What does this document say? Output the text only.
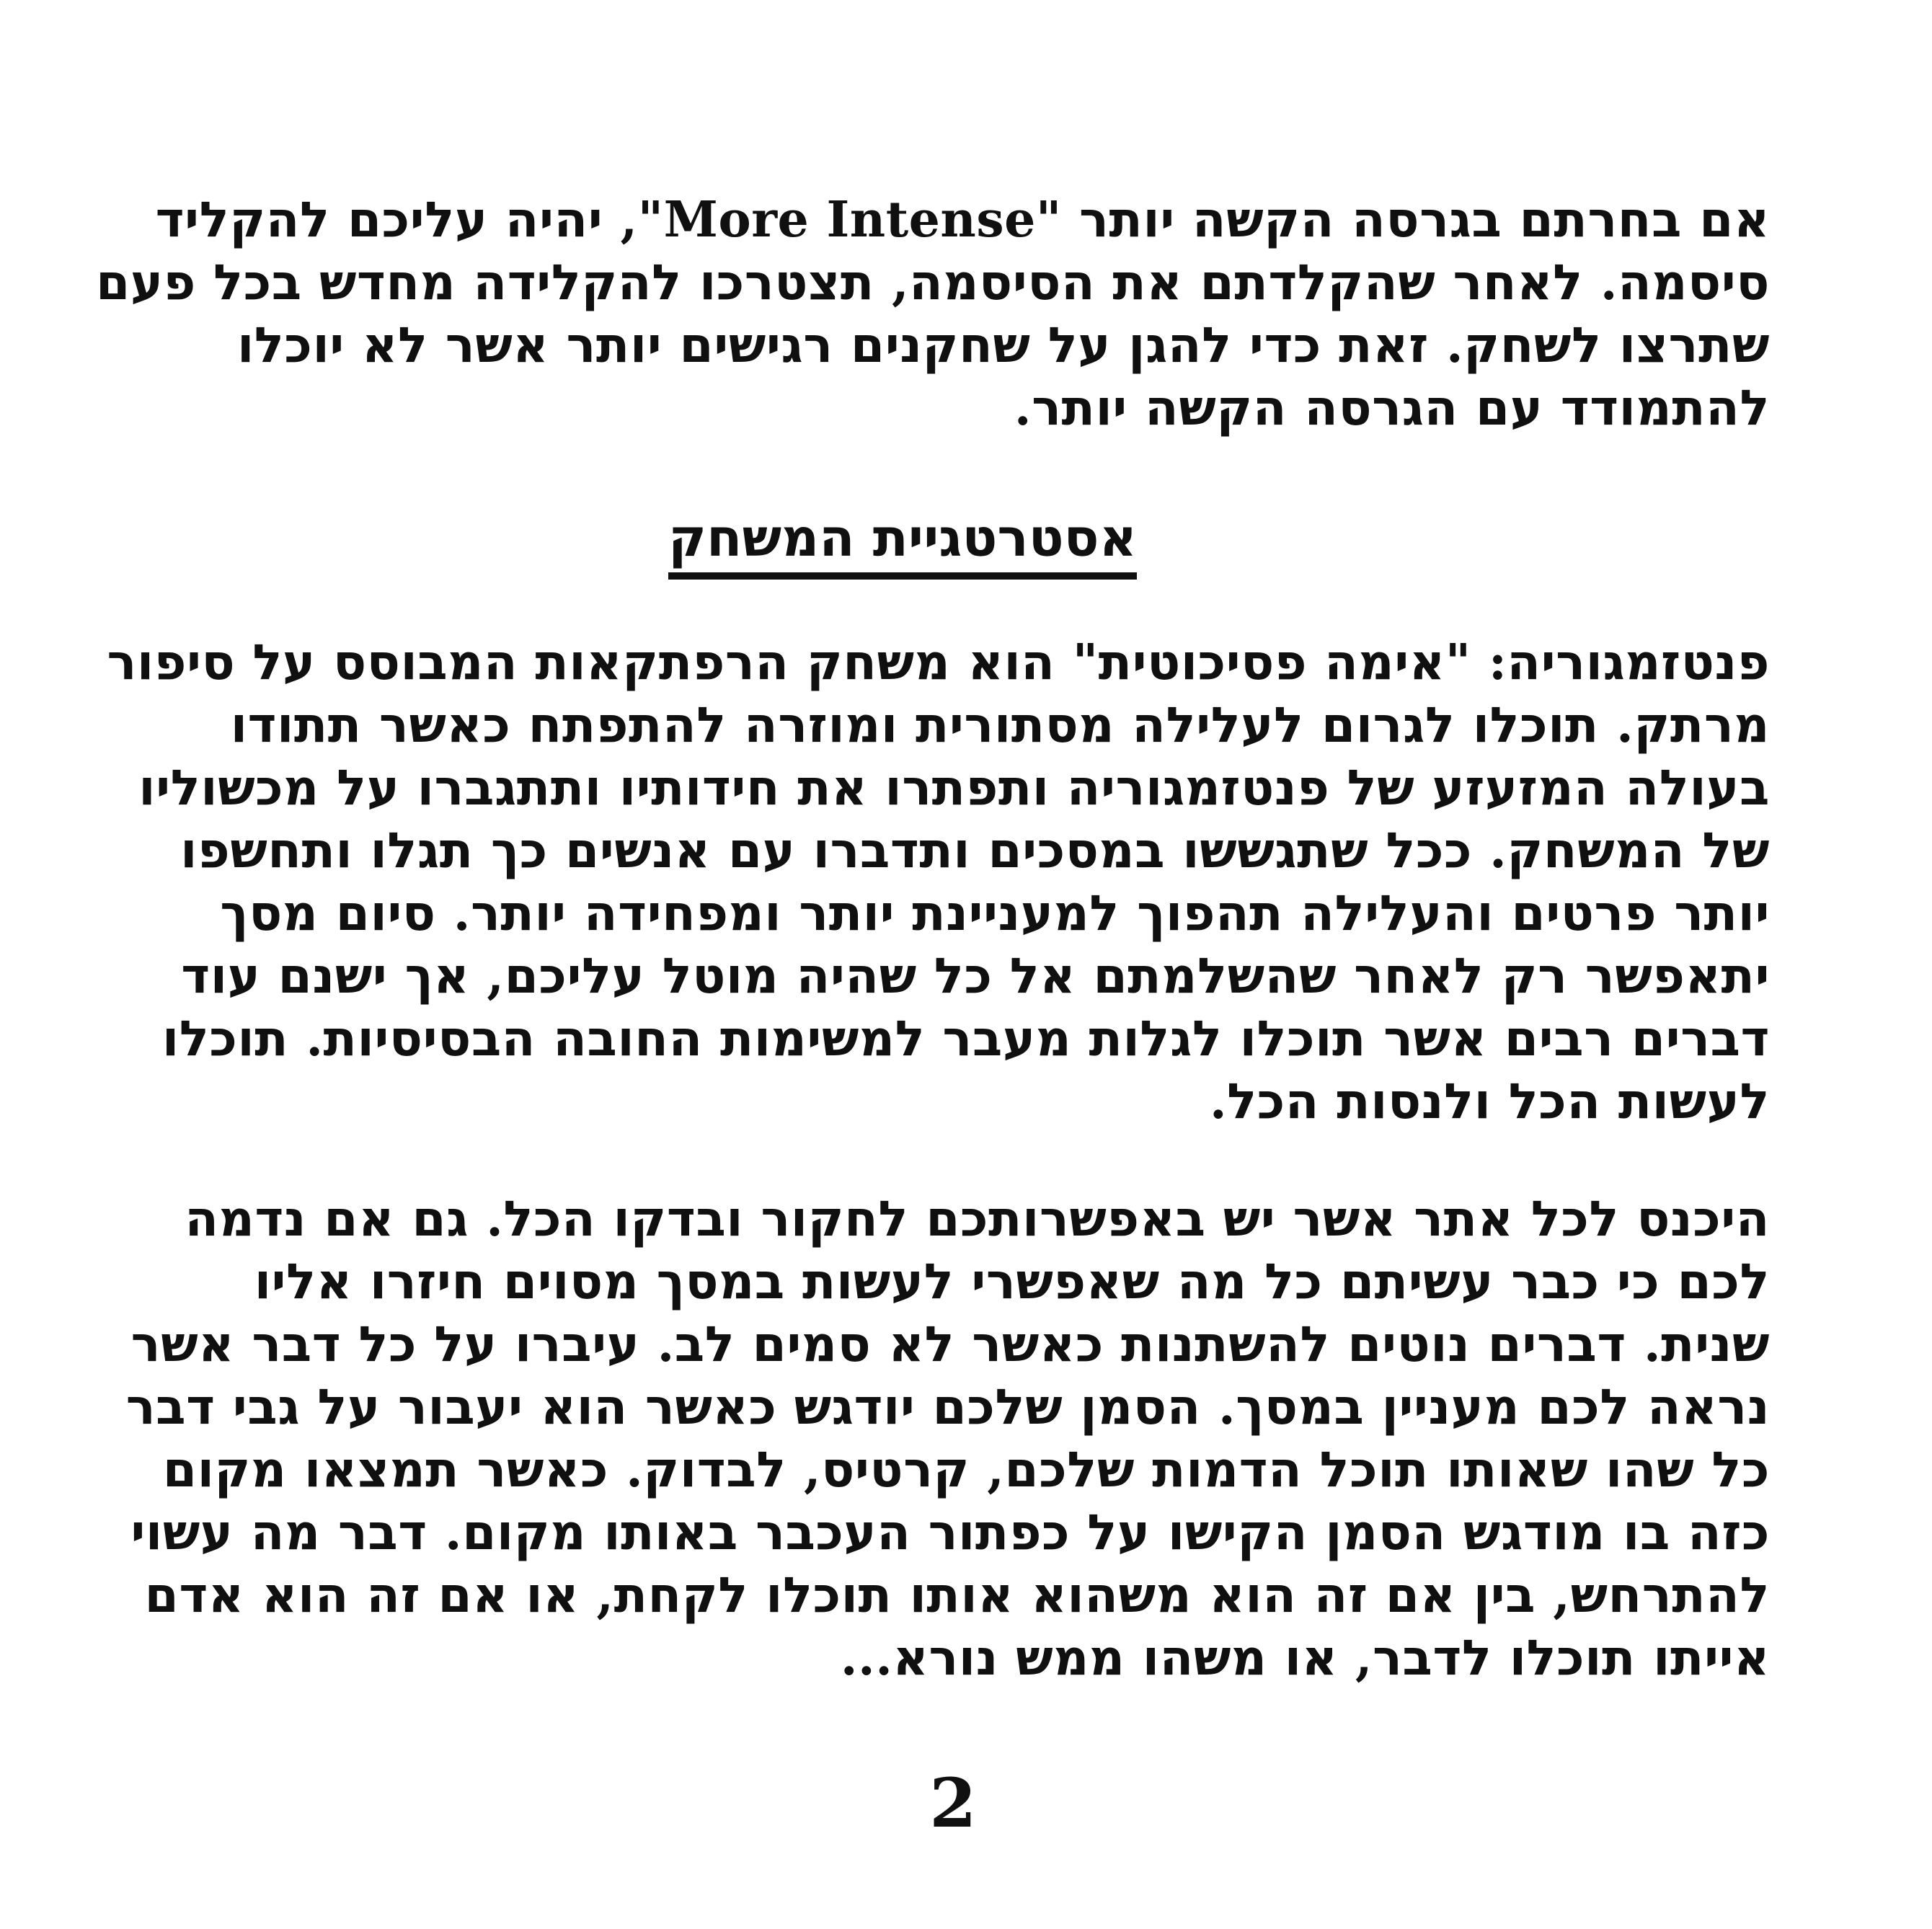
אם בחרתם בגרסה הקשה יותר "More Intense", יהיה עליכם להקליד
סיסמה. לאחר שהקלדתם את הסיסמה, תצטרכו להקלידה מחדש בכל פעם
שתרצו לשחק. זאת כדי להגן על שחקנים רגישים יותר אשר לא יוכלו
להתמודד עם הגרסה הקשה יותר.
אסטרטגיית המשחק
פנטזמגוריה: "אימה פסיכוטית" הוא משחק הרפתקאות המבוסס על סיפור
מרתק. תוכלו לגרום לעלילה מסתורית ומוזרה להתפתח כאשר תתודו
בעולה המזעזע של פנטזמגוריה ותפתרו את חידותיו ותתגברו על מכשוליו
של המשחק. ככל שתגששו במסכים ותדברו עם אנשים כך תגלו ותחשפו
יותר פרטים והעלילה תהפוך למעניינת יותר ומפחידה יותר. סיום מסך
יתאפשר רק לאחר שהשלמתם אל כל שהיה מוטל עליכם, אך ישנם עוד
דברים רבים אשר תוכלו לגלות מעבר למשימות החובה הבסיסיות. תוכלו
לעשות הכל ולנסות הכל.
היכנס לכל אתר אשר יש באפשרותכם לחקור ובדקו הכל. גם אם נדמה
לכם כי כבר עשיתם כל מה שאפשרי לעשות במסך מסוים חיזרו אליו
שנית. דברים נוטים להשתנות כאשר לא סמים לב. עיברו על כל דבר אשר
נראה לכם מעניין במסך. הסמן שלכם יודגש כאשר הוא יעבור על גבי דבר
כל שהו שאותו תוכל הדמות שלכם, קרטיס, לבדוק. כאשר תמצאו מקום
כזה בו מודגש הסמן הקישו על כפתור העכבר באותו מקום. דבר מה עשוי
להתרחש, בין אם זה הוא משהוא אותו תוכלו לקחת, או אם זה הוא אדם
אייתו תוכלו לדבר, או משהו ממש נורא...
2
